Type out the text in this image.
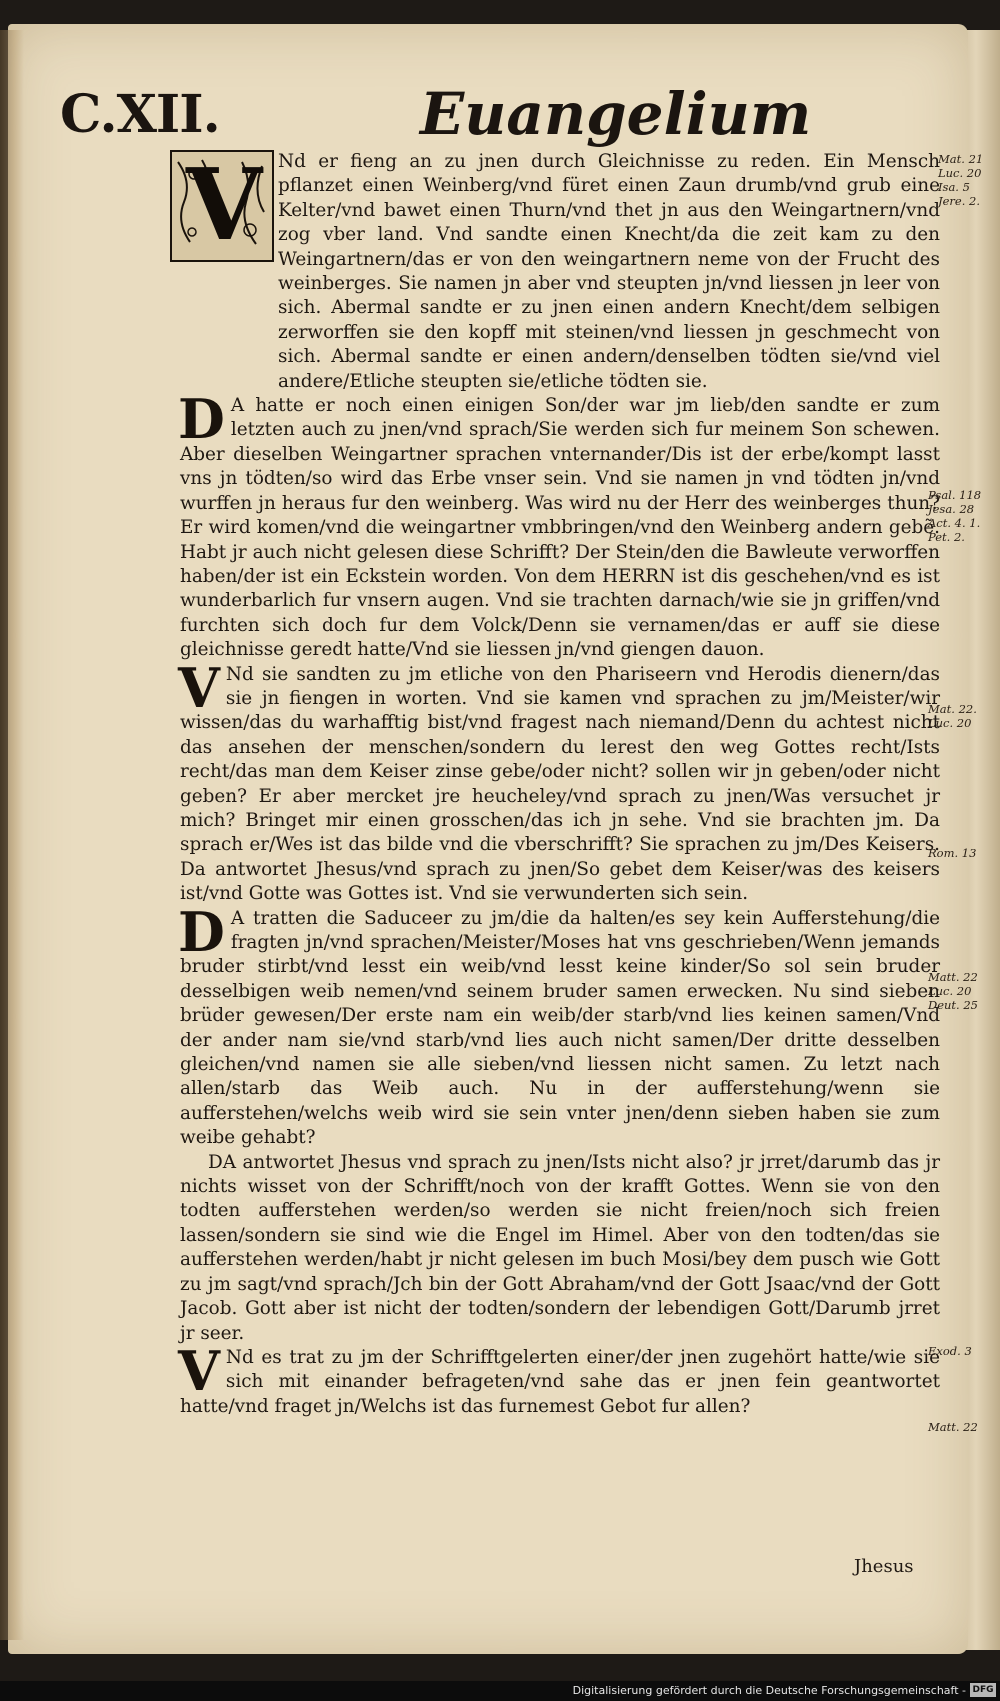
C.XII.	Euangelium
V Nd er fieng an zu jnen durch Gleichnisse zu reden. Ein Mensch pflanzet einen Weinberg/vnd füret einen Zaun drumb/vnd grub eine Kelter/vnd bawet einen Thurn/vnd thet jn aus den Weingartnern/vnd zog vber land. Vnd sandte einen Knecht/da die zeit kam zu den Weingartnern/das er von den weingartnern neme von der Frucht des weinberges. Sie namen jn aber vnd steupten jn/vnd liessen jn leer von sich. Abermal sandte er zu jnen einen andern Knecht/dem selbigen zerworffen sie den kopff mit steinen/vnd liessen jn geschmecht von sich. Abermal sandte er einen andern/denselben tödten sie/vnd viel andere/Etliche steupten sie/etliche tödten sie.

D A hatte er noch einen einigen Son/der war jm lieb/den sandte er zum letzten auch zu jnen/vnd sprach/Sie werden sich fur meinem Son schewen. Aber dieselben Weingartner sprachen vnternander/Dis ist der erbe/kompt lasst vns jn tödten/so wird das Erbe vnser sein. Vnd sie namen jn vnd tödten jn/vnd wurffen jn heraus fur den weinberg. Was wird nu der Herr des weinberges thun? Er wird komen/vnd die weingartner vmbbringen/vnd den Weinberg andern gebẽ. Habt jr auch nicht gelesen diese Schrifft? Der Stein/den die Bawleute verworffen haben/der ist ein Eckstein worden. Von dem HERRN ist dis geschehen/vnd es ist wunderbarlich fur vnsern augen. Vnd sie trachten darnach/wie sie jn griffen/vnd furchten sich doch fur dem Volck/Denn sie vernamen/das er auff sie diese gleichnisse geredt hatte/Vnd sie liessen jn/vnd giengen dauon.

V Nd sie sandten zu jm etliche von den Phariseern vnd Herodis dienern/das sie jn fiengen in worten. Vnd sie kamen vnd sprachen zu jm/Meister/wir wissen/das du warhafftig bist/vnd fragest nach niemand/Denn du achtest nicht das ansehen der menschen/sondern du lerest den weg Gottes recht/Ists recht/das man dem Keiser zinse gebe/oder nicht? sollen wir jn geben/oder nicht geben? Er aber mercket jre heucheley/vnd sprach zu jnen/Was versuchet jr mich? Bringet mir einen grosschen/das ich jn sehe. Vnd sie brachten jm. Da sprach er/Wes ist das bilde vnd die vberschrifft? Sie sprachen zu jm/Des Keisers. Da antwortet Jhesus/vnd sprach zu jnen/So gebet dem Keiser/was des keisers ist/vnd Gotte was Gottes ist. Vnd sie verwunderten sich sein.

D A tratten die Saduceer zu jm/die da halten/es sey kein Aufferstehung/die fragten jn/vnd sprachen/Meister/Moses hat vns geschrieben/Wenn jemands bruder stirbt/vnd lesst ein weib/vnd lesst keine kinder/So sol sein bruder desselbigen weib nemen/vnd seinem bruder samen erwecken. Nu sind sieben brüder gewesen/Der erste nam ein weib/der starb/vnd lies keinen samen/Vnd der ander nam sie/vnd starb/vnd lies auch nicht samen/Der dritte desselben gleichen/vnd namen sie alle sieben/vnd liessen nicht samen. Zu letzt nach allen/starb das Weib auch. Nu in der aufferstehung/wenn sie aufferstehen/welchs weib wird sie sein vnter jnen/denn sieben haben sie zum weibe gehabt?

DA antwortet Jhesus vnd sprach zu jnen/Ists nicht also? jr jrret/darumb das jr nichts wisset von der Schrifft/noch von der krafft Gottes. Wenn sie von den todten aufferstehen werden/so werden sie nicht freien/noch sich freien lassen/sondern sie sind wie die Engel im Himel. Aber von den todten/das sie aufferstehen werden/habt jr nicht gelesen im buch Mosi/bey dem pusch wie Gott zu jm sagt/vnd sprach/Jch bin der Gott Abraham/vnd der Gott Jsaac/vnd der Gott Jacob. Gott aber ist nicht der todten/sondern der lebendigen Gott/Darumb jrret jr seer.

V Nd es trat zu jm der Schrifftgelerten einer/der jnen zugehört hatte/wie sie sich mit einander befrageten/vnd sahe das er jnen fein geantwortet hatte/vnd fraget jn/Welchs ist das furnemest Gebot fur allen?

Mat. 21 Luc. 20 Isa. 5 Jere. 2.
Psal. 118 Jesa. 28 Act. 4. 1. Pet. 2.
Mat. 22. Luc. 20
Rom. 13
Matt. 22 Luc. 20 Deut. 25
Exod. 3
Matt. 22
Jhesus
Digitalisierung gefördert durch die Deutsche Forschungsgemeinschaft - DFG
